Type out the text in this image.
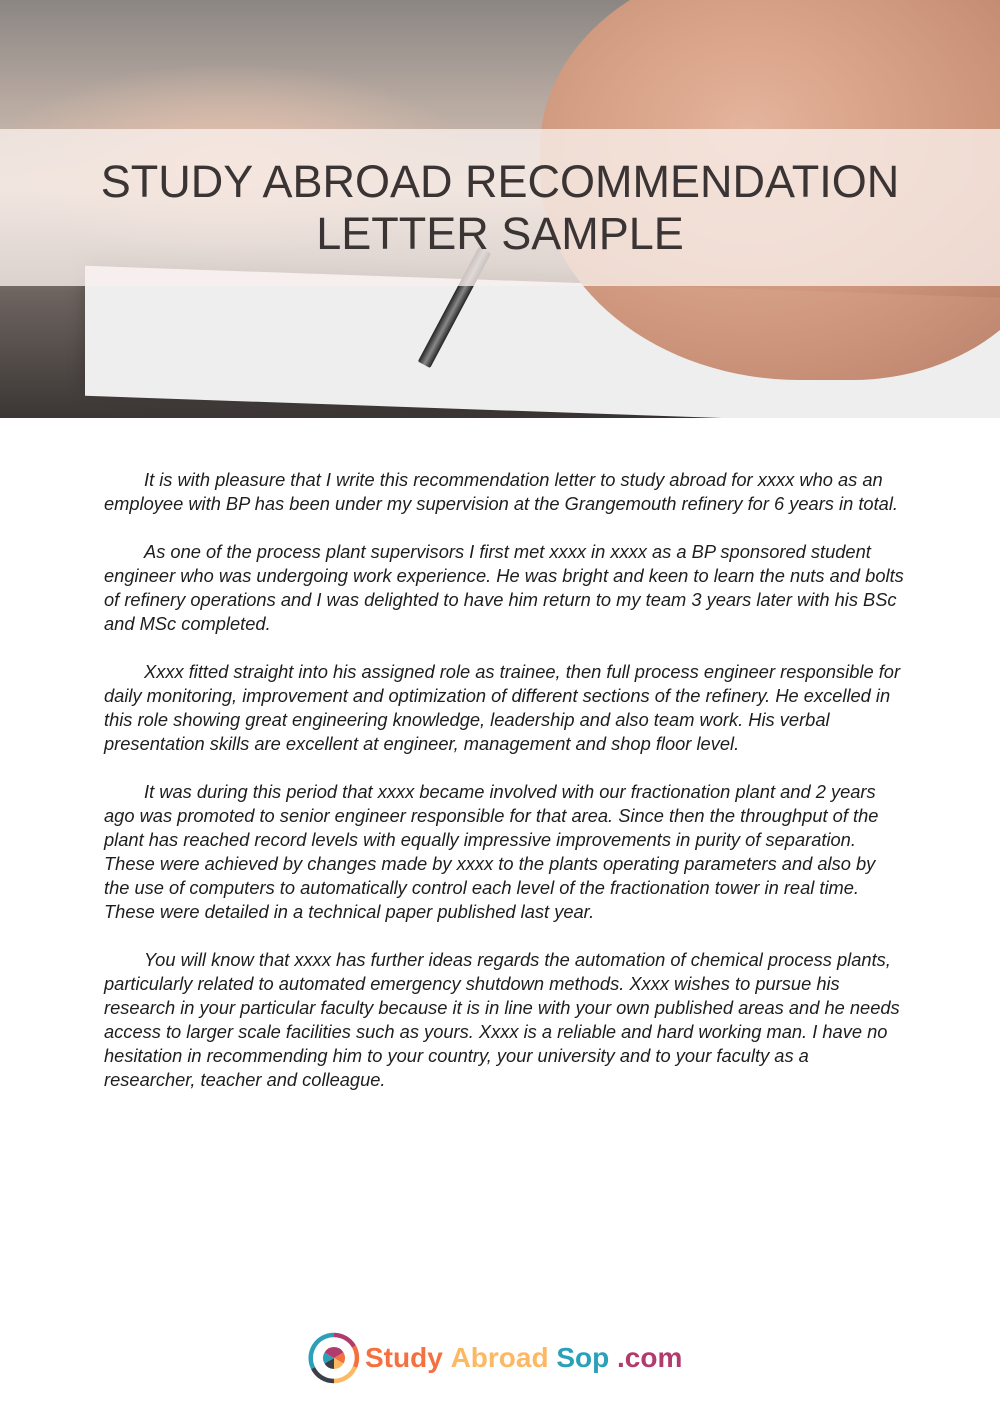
STUDY ABROAD RECOMMENDATION
LETTER SAMPLE

It is with pleasure that I write this recommendation letter to study abroad for xxxx who as an employee with BP has been under my supervision at the Grangemouth refinery for 6 years in total.

As one of the process plant supervisors I first met xxxx in xxxx as a BP sponsored student engineer who was undergoing work experience. He was bright and keen to learn the nuts and bolts of refinery operations and I was delighted to have him return to my team 3 years later with his BSc and MSc completed.

Xxxx fitted straight into his assigned role as trainee, then full process engineer responsible for daily monitoring, improvement and optimization of different sections of the refinery. He excelled in this role showing great engineering knowledge, leadership and also team work. His verbal presentation skills are excellent at engineer, management and shop floor level.

It was during this period that xxxx became involved with our fractionation plant and 2 years ago was promoted to senior engineer responsible for that area. Since then the throughput of the plant has reached record levels with equally impressive improvements in purity of separation. These were achieved by changes made by xxxx to the plants operating parameters and also by the use of computers to automatically control each level of the fractionation tower in real time. These were detailed in a technical paper published last year.

You will know that xxxx has further ideas regards the automation of chemical process plants, particularly related to automated emergency shutdown methods. Xxxx wishes to pursue his research in your particular faculty because it is in line with your own published areas and he needs access to larger scale facilities such as yours. Xxxx is a reliable and hard working man. I have no hesitation in recommending him to your country, your university and to your faculty as a researcher, teacher and colleague.

Study
Abroad
Sop
.com
